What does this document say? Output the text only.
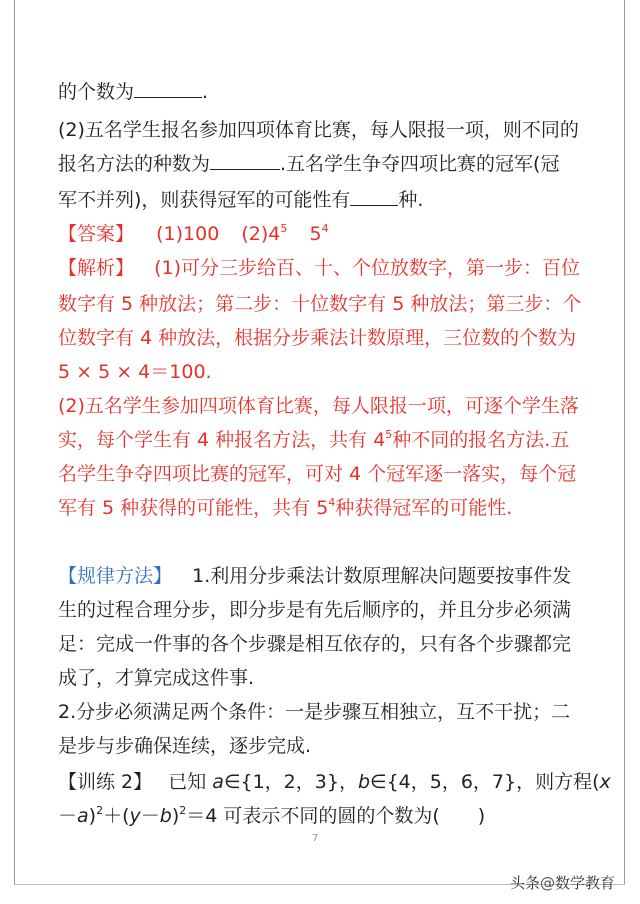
的个数为	.
(2)五名学生报名参加四项体育比赛，每人限报一项，则不同的
报名方法的种数为	.五名学生争夺四项比赛的冠军(冠
军不并列)，则获得冠军的可能性有	种.
【答案】 (1)100 $(2)4^5$ $5^4$
【解析】 (1)可分三步给百、十、个位放数字，第一步：百位
数字有 5 种放法；第二步：十位数字有 5 种放法；第三步：个
位数字有 4 种放法，根据分步乘法计数原理，三位数的个数为
5 × 5 × 4＝100.
(2)五名学生参加四项体育比赛，每人限报一项，可逐个学生落
实，每个学生有 4 种报名方法，共有 $4^5$种不同的报名方法.五
名学生争夺四项比赛的冠军，可对 4 个冠军逐一落实，每个冠
军有 5 种获得的可能性，共有 $5^4$种获得冠军的可能性.
【规律方法】 1.利用分步乘法计数原理解决问题要按事件发
生的过程合理分步，即分步是有先后顺序的，并且分步必须满
足：完成一件事的各个步骤是相互依存的，只有各个步骤都完
成了，才算完成这件事.
2.分步必须满足两个条件：一是步骤互相独立，互不干扰；二
是步与步确保连续，逐步完成.
【训练 2】 已知 a∈{1，2，3}，b∈{4，5，6，7}，则方程(x
$-a)^2+(y-b)^2=4$ 可表示不同的圆的个数为(　　)
7
头条@数学教育
